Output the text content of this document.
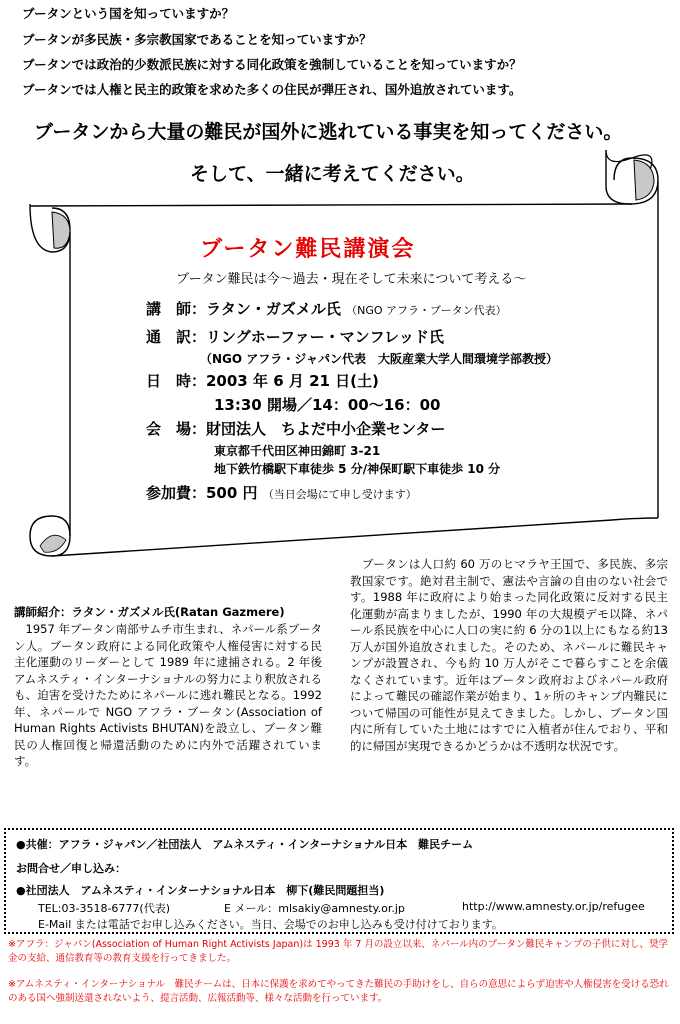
ブータンという国を知っていますか？
ブータンが多民族・多宗教国家であることを知っていますか？
ブータンでは政治的少数派民族に対する同化政策を強制していることを知っていますか？
ブータンでは人権と民主的政策を求めた多くの住民が弾圧され、国外追放されています。
ブータンから大量の難民が国外に逃れている事実を知ってください。
そして、一緒に考えてください。
ブータン難民講演会
ブータン難民は今～過去・現在そして未来について考える～
講　師：ラタン・ガズメル氏 （NGO アフラ・ブータン代表）
通　訳：リングホーファー・マンフレッド氏
（NGO アフラ・ジャパン代表　大阪産業大学人間環境学部教授）
日　時：2003 年 6 月 21 日(土)
13:30 開場／14：00～16：00
会　場：財団法人　ちよだ中小企業センター
東京都千代田区神田錦町 3-21
地下鉄竹橋駅下車徒歩 5 分/神保町駅下車徒歩 10 分
参加費：500 円 （当日会場にて申し受けます）
講師紹介：ラタン・ガズメル氏(Ratan Gazmere)
　1957 年ブータン南部サムチ市生まれ、ネパール系ブータン人。ブータン政府による同化政策や人権侵害に対する民主化運動のリーダーとして 1989 年に逮捕される。2 年後アムネスティ・インターナショナルの努力により釈放されるも、迫害を受けたためにネパールに逃れ難民となる。1992 年、ネパールで NGO アフラ・ブータン(Association of Human Rights Activists BHUTAN)を設立し、ブータン難民の人権回復と帰還活動のために内外で活躍されています。
　ブータンは人口約 60 万のヒマラヤ王国で、多民族、多宗教国家です。絶対君主制で、憲法や言論の自由のない社会です。1988 年に政府により始まった同化政策に反対する民主化運動が高まりましたが、1990 年の大規模デモ以降、ネパール系民族を中心に人口の実に約 6 分の1以上にもなる約13万人が国外追放されました。そのため、ネパールに難民キャンプが設置され、今も約 10 万人がそこで暮らすことを余儀なくされています。近年はブータン政府およびネパール政府によって難民の確認作業が始まり、1ヶ所のキャンプ内難民について帰国の可能性が見えてきました。しかし、ブータン国内に所有していた土地にはすでに入植者が住んでおり、平和的に帰国が実現できるかどうかは不透明な状況です。
●共催：アフラ・ジャパン／社団法人　アムネスティ・インターナショナル日本　難民チーム
お問合せ／申し込み：
●社団法人　アムネスティ・インターナショナル日本　柳下(難民問題担当)
TEL:03-3518-6777(代表)	E メール：mlsakiy@amnesty.or.jp	http://www.amnesty.or.jp/refugee
E-Mail または電話でお申し込みください。当日、会場でのお申し込みも受け付けております。
※アフラ：ジャパン(Association of Human Right Activists Japan)は 1993 年 7 月の設立以来、ネパール内のブータン難民キャンプの子供に対し、奨学金の支給、通信教育等の教育支援を行ってきました。
※アムネスティ・インターナショナル　難民チームは、日本に保護を求めてやってきた難民の手助けをし、自らの意思によらず迫害や人権侵害を受ける恐れのある国へ強制送還されないよう、提言活動、広報活動等、様々な活動を行っています。
